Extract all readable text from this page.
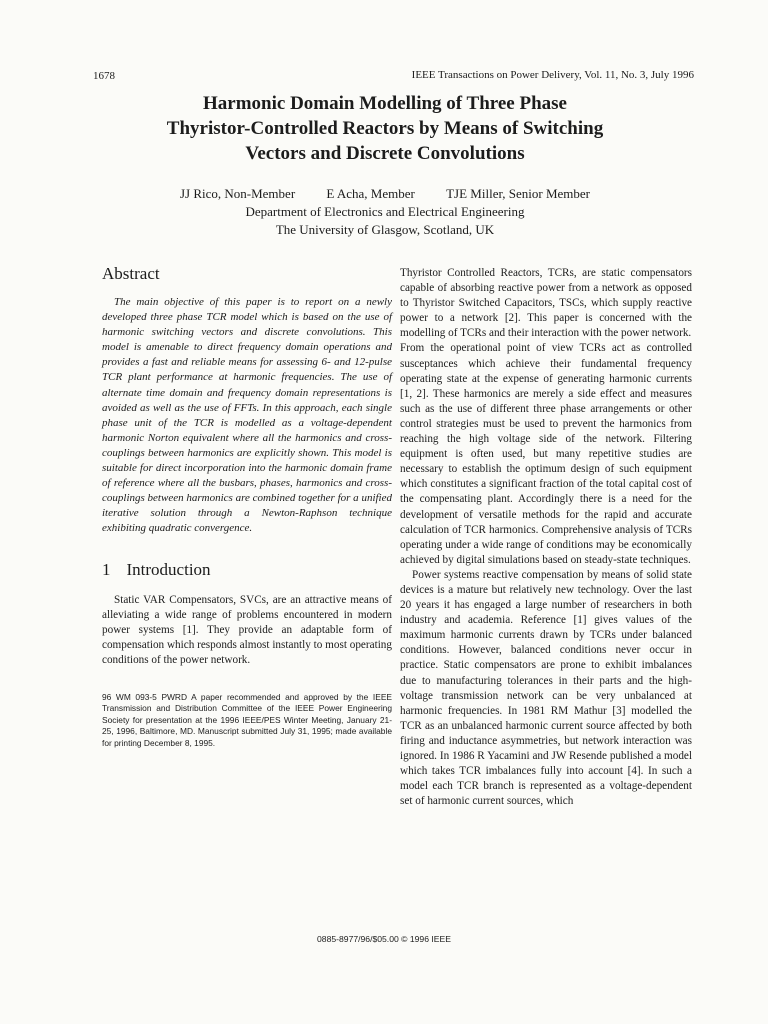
1678	IEEE Transactions on Power Delivery, Vol. 11, No. 3, July 1996
Harmonic Domain Modelling of Three Phase
Thyristor-Controlled Reactors by Means of Switching
Vectors and Discrete Convolutions
JJ Rico, Non-Member E Acha, Member TJE Miller, Senior Member
Department of Electronics and Electrical Engineering
The University of Glasgow, Scotland, UK
Abstract

The main objective of this paper is to report on a newly developed three phase TCR model which is based on the use of harmonic switching vectors and discrete convolutions. This model is amenable to direct frequency domain operations and provides a fast and reliable means for assessing 6- and 12-pulse TCR plant performance at harmonic frequencies. The use of alternate time domain and frequency domain representations is avoided as well as the use of FFTs. In this approach, each single phase unit of the TCR is modelled as a voltage-dependent harmonic Norton equivalent where all the harmonics and cross-couplings between harmonics are explicitly shown. This model is suitable for direct incorporation into the harmonic domain frame of reference where all the busbars, phases, harmonics and cross-couplings between harmonics are combined together for a unified iterative solution through a Newton-Raphson technique exhibiting quadratic convergence.

1 Introduction

Static VAR Compensators, SVCs, are an attractive means of alleviating a wide range of problems encountered in modern power systems [1]. They provide an adaptable form of compensation which responds almost instantly to most operating conditions of the power network.

96 WM 093-5 PWRD A paper recommended and approved by the IEEE Transmission and Distribution Committee of the IEEE Power Engineering Society for presentation at the 1996 IEEE/PES Winter Meeting, January 21-25, 1996, Baltimore, MD. Manuscript submitted July 31, 1995; made available for printing December 8, 1995.

Thyristor Controlled Reactors, TCRs, are static compensators capable of absorbing reactive power from a network as opposed to Thyristor Switched Capacitors, TSCs, which supply reactive power to a network [2]. This paper is concerned with the modelling of TCRs and their interaction with the power network.

From the operational point of view TCRs act as controlled susceptances which achieve their fundamental frequency operating state at the expense of generating harmonic currents [1, 2]. These harmonics are merely a side effect and measures such as the use of different three phase arrangements or other control strategies must be used to prevent the harmonics from reaching the high voltage side of the network. Filtering equipment is often used, but many repetitive studies are necessary to establish the optimum design of such equipment which constitutes a significant fraction of the total capital cost of the compensating plant. Accordingly there is a need for the development of versatile methods for the rapid and accurate calculation of TCR harmonics. Comprehensive analysis of TCRs operating under a wide range of conditions may be economically achieved by digital simulations based on steady-state techniques.

Power systems reactive compensation by means of solid state devices is a mature but relatively new technology. Over the last 20 years it has engaged a large number of researchers in both industry and academia. Reference [1] gives values of the maximum harmonic currents drawn by TCRs under balanced conditions. However, balanced conditions never occur in practice. Static compensators are prone to exhibit imbalances due to manufacturing tolerances in their parts and the high-voltage transmission network can be very unbalanced at harmonic frequencies. In 1981 RM Mathur [3] modelled the TCR as an unbalanced harmonic current source affected by both firing and inductance asymmetries, but network interaction was ignored. In 1986 R Yacamini and JW Resende published a model which takes TCR imbalances fully into account [4]. In such a model each TCR branch is represented as a voltage-dependent set of harmonic current sources, which

0885-8977/96/$05.00 © 1996 IEEE
